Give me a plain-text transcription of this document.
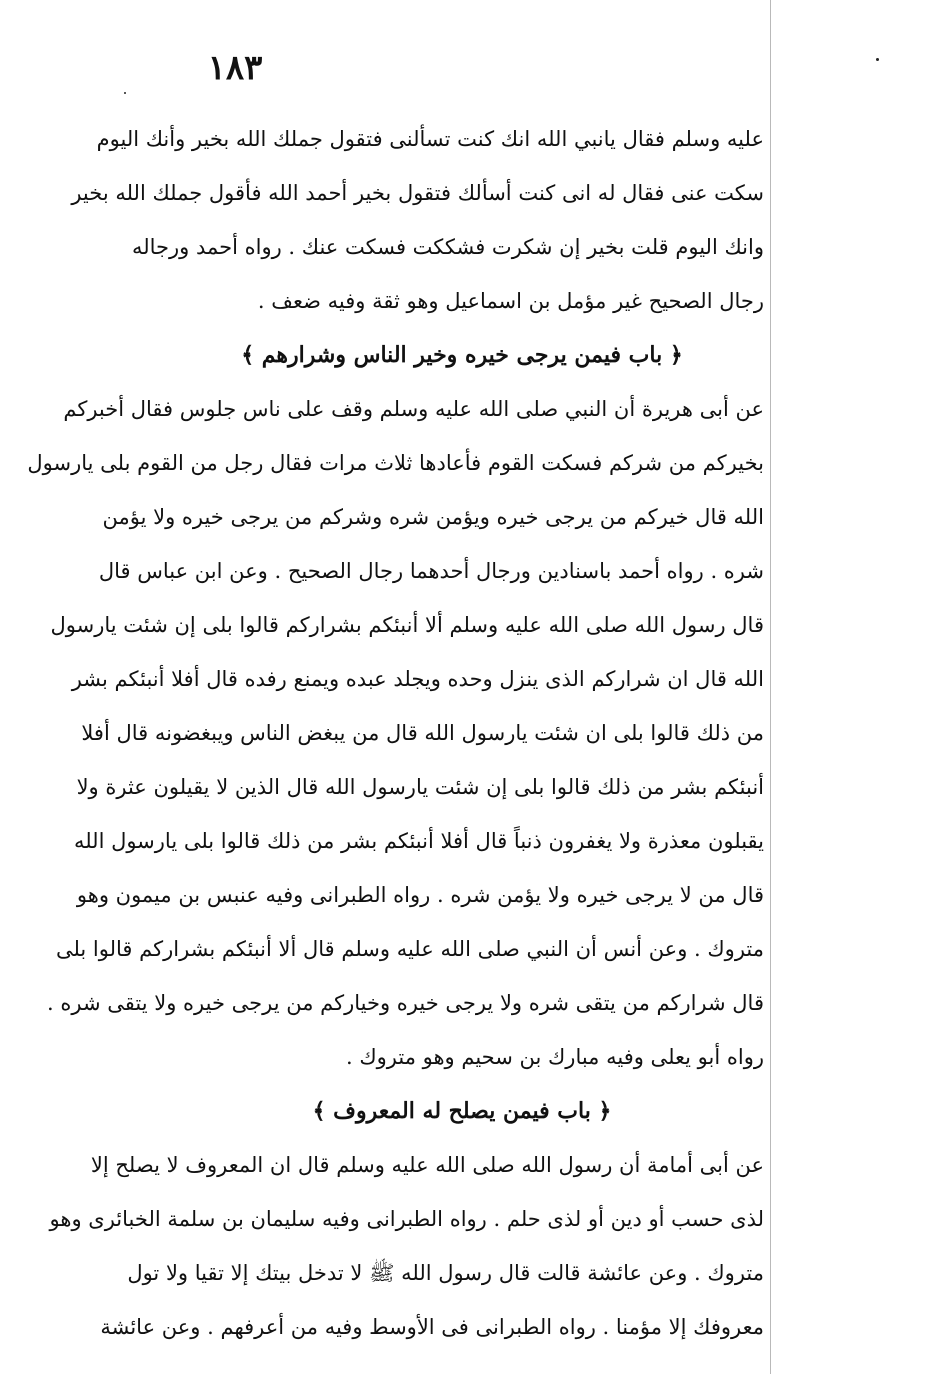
١٨٣
عليه وسلم فقال يانبي الله انك كنت تسألنى فتقول جملك الله بخير وأنك اليوم
سكت عنى فقال له انى كنت أسألك فتقول بخير أحمد الله فأقول جملك الله بخير
وانك اليوم قلت بخير إن شكرت فشككت فسكت عنك . رواه أحمد ورجاله
رجال الصحيح غير مؤمل بن اسماعيل وهو ثقة وفيه ضعف .
﴿ باب فيمن يرجى خيره وخير الناس وشرارهم ﴾
عن أبى هريرة أن النبي صلى الله عليه وسلم وقف على ناس جلوس فقال أخبركم
بخيركم من شركم فسكت القوم فأعادها ثلاث مرات فقال رجل من القوم بلى يارسول
الله قال خيركم من يرجى خيره ويؤمن شره وشركم من يرجى خيره ولا يؤمن
شره . رواه أحمد باسنادين ورجال أحدهما رجال الصحيح . وعن ابن عباس قال
قال رسول الله صلى الله عليه وسلم ألا أنبئكم بشراركم قالوا بلى إن شئت يارسول
الله قال ان شراركم الذى ينزل وحده ويجلد عبده ويمنع رفده قال أفلا أنبئكم بشر
من ذلك قالوا بلى ان شئت يارسول الله قال من يبغض الناس ويبغضونه قال أفلا
أنبئكم بشر من ذلك قالوا بلى إن شئت يارسول الله قال الذين لا يقيلون عثرة ولا
يقبلون معذرة ولا يغفرون ذنباً قال أفلا أنبئكم بشر من ذلك قالوا بلى يارسول الله
قال من لا يرجى خيره ولا يؤمن شره . رواه الطبرانى وفيه عنبس بن ميمون وهو
متروك . وعن أنس أن النبي صلى الله عليه وسلم قال ألا أنبئكم بشراركم قالوا بلى
قال شراركم من يتقى شره ولا يرجى خيره وخياركم من يرجى خيره ولا يتقى شره .
رواه أبو يعلى وفيه مبارك بن سحيم وهو متروك .
﴿ باب فيمن يصلح له المعروف ﴾
عن أبى أمامة أن رسول الله صلى الله عليه وسلم قال ان المعروف لا يصلح إلا
لذى حسب أو دين أو لذى حلم . رواه الطبرانى وفيه سليمان بن سلمة الخبائرى وهو
متروك . وعن عائشة قالت قال رسول الله ﷺ لا تدخل بيتك إلا تقيا ولا تول
معروفك إلا مؤمنا . رواه الطبرانى فى الأوسط وفيه من أعرفهم . وعن عائشة
